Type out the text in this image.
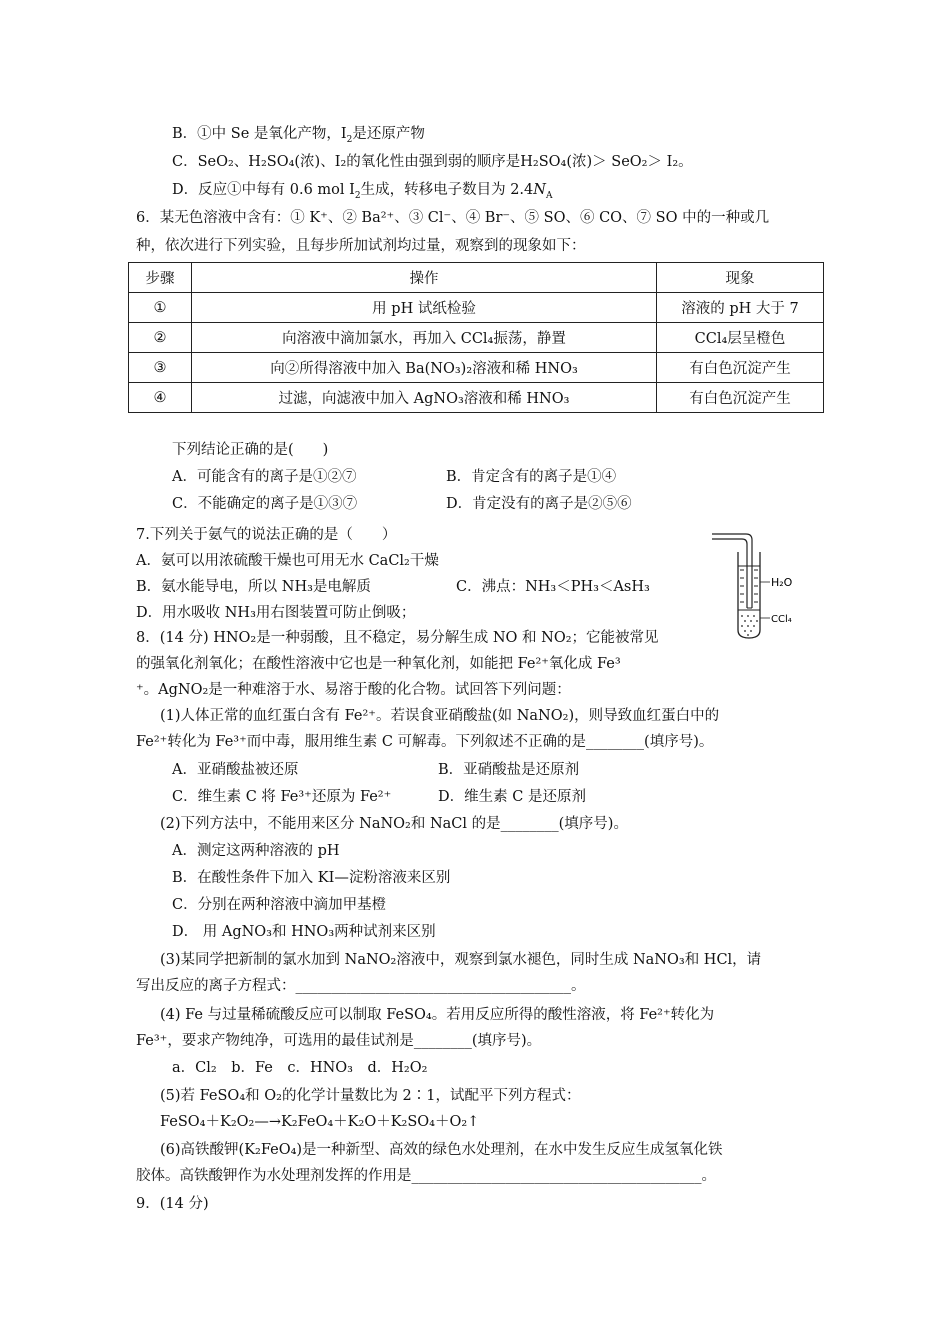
B．①中 Se 是氧化产物，$I_2$是还原产物
C．SeO₂、H₂SO₄(浓)、I₂的氧化性由强到弱的顺序是H₂SO₄(浓)＞ SeO₂＞ I₂。
D．反应①中每有 0.6 mol $I_2$生成，转移电子数目为 $2.4N_A$
6．某无色溶液中含有：① K⁺、② Ba²⁺、③ Cl⁻、④ Br⁻、⑤ SO、⑥ CO、⑦ SO 中的一种或几
种，依次进行下列实验，且每步所加试剂均过量，观察到的现象如下：
步骤	操作	现象
①	用 pH 试纸检验	溶液的 pH 大于 7
②	向溶液中滴加氯水，再加入 CCl₄振荡，静置	CCl₄层呈橙色
③	向②所得溶液中加入 Ba(NO₃)₂溶液和稀 HNO₃	有白色沉淀产生
④	过滤，向滤液中加入 AgNO₃溶液和稀 HNO₃	有白色沉淀产生
下列结论正确的是(　　)
A．可能含有的离子是①②⑦	B．肯定含有的离子是①④
C．不能确定的离子是①③⑦	D．肯定没有的离子是②⑤⑥
7.下列关于氨气的说法正确的是（　　）
A．氨可以用浓硫酸干燥也可用无水 CaCl₂干燥
B．氨水能导电，所以 NH₃是电解质	C．沸点：NH₃＜PH₃＜AsH₃
D．用水吸收 NH₃用右图装置可防止倒吸；
H₂O
CCl₄
8．(14 分) HNO₂是一种弱酸，且不稳定，易分解生成 NO 和 NO₂；它能被常见
的强氧化剂氧化；在酸性溶液中它也是一种氧化剂，如能把 Fe²⁺氧化成 Fe³
⁺。AgNO₂是一种难溶于水、易溶于酸的化合物。试回答下列问题：
(1)人体正常的血红蛋白含有 Fe²⁺。若误食亚硝酸盐(如 NaNO₂)，则导致血红蛋白中的
Fe²⁺转化为 Fe³⁺而中毒，服用维生素 C 可解毒。下列叙述不正确的是________(填序号)。
A．亚硝酸盐被还原	B．亚硝酸盐是还原剂
C．维生素 C 将 Fe³⁺还原为 Fe²⁺	D．维生素 C 是还原剂
(2)下列方法中，不能用来区分 NaNO₂和 NaCl 的是________(填序号)。
A．测定这两种溶液的 pH
B．在酸性条件下加入 KI—淀粉溶液来区别
C．分别在两种溶液中滴加甲基橙
D． 用 AgNO₃和 HNO₃两种试剂来区别
(3)某同学把新制的氯水加到 NaNO₂溶液中，观察到氯水褪色，同时生成 NaNO₃和 HCl，请
写出反应的离子方程式：______________________________________。
(4) Fe 与过量稀硫酸反应可以制取 FeSO₄。若用反应所得的酸性溶液，将 Fe²⁺转化为
Fe³⁺，要求产物纯净，可选用的最佳试剂是________(填序号)。
a．Cl₂　b．Fe　c．HNO₃　d．H₂O₂
(5)若 FeSO₄和 O₂的化学计量数比为 2∶1，试配平下列方程式：
FeSO₄＋K₂O₂—→K₂FeO₄＋K₂O＋K₂SO₄＋O₂↑
(6)高铁酸钾(K₂FeO₄)是一种新型、高效的绿色水处理剂，在水中发生反应生成氢氧化铁
胶体。高铁酸钾作为水处理剂发挥的作用是________________________________________。
9．(14 分)
